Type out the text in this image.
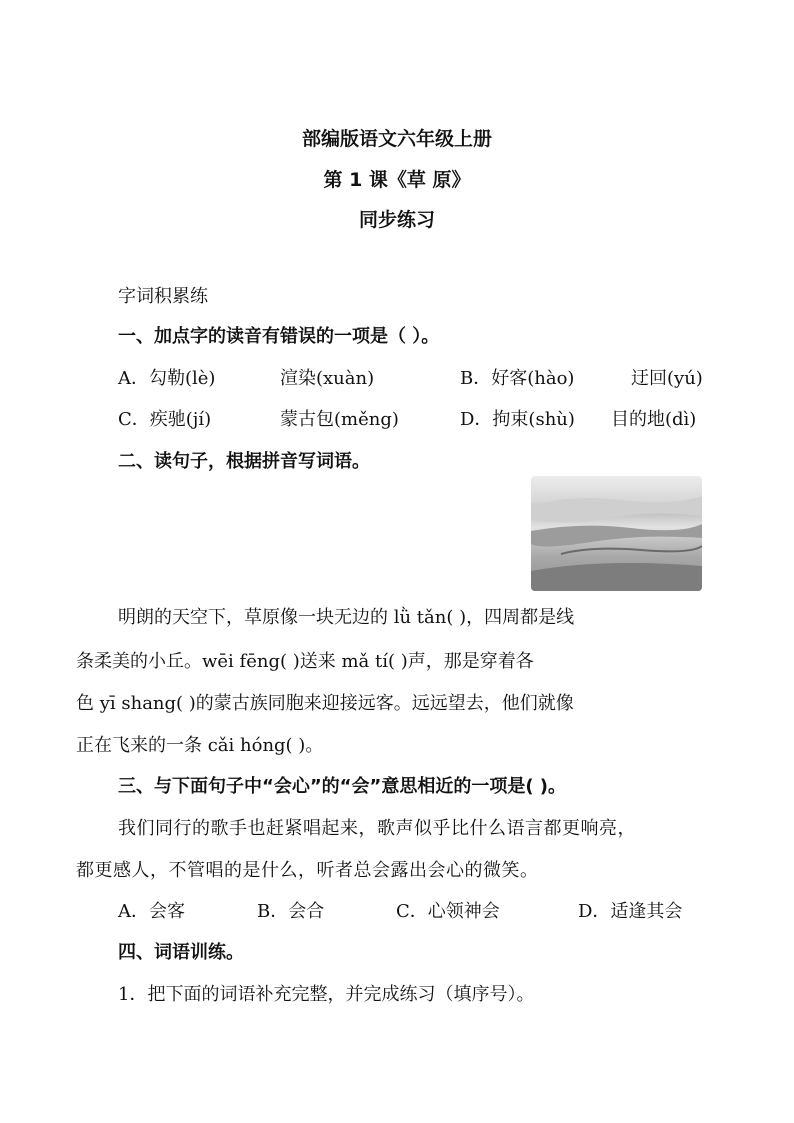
部编版语文六年级上册
第 1 课《草 原》
同步练习
字词积累练
一、加点字的读音有错误的一项是（ ）。
A．勾勒(lè)	渲染(xuàn)	B．好客(hào)	迂回(yú)
C．疾驰(jí)	蒙古包(měng)	D．拘束(shù) 目的地(dì)
二、读句子，根据拼音写词语。
明朗的天空下，草原像一块无边的 lǜ tǎn( )，四周都是线
条柔美的小丘。wēi fēng( )送来 mǎ tí( )声，那是穿着各
色 yī shang( )的蒙古族同胞来迎接远客。远远望去，他们就像
正在飞来的一条 cǎi hóng( )。
三、与下面句子中“会心”的“会”意思相近的一项是( )。
我们同行的歌手也赶紧唱起来，歌声似乎比什么语言都更响亮，
都更感人，不管唱的是什么，听者总会露出会心的微笑。
A．会客	B．会合	C．心领神会	D．适逢其会
四、词语训练。
1．把下面的词语补充完整，并完成练习（填序号）。
